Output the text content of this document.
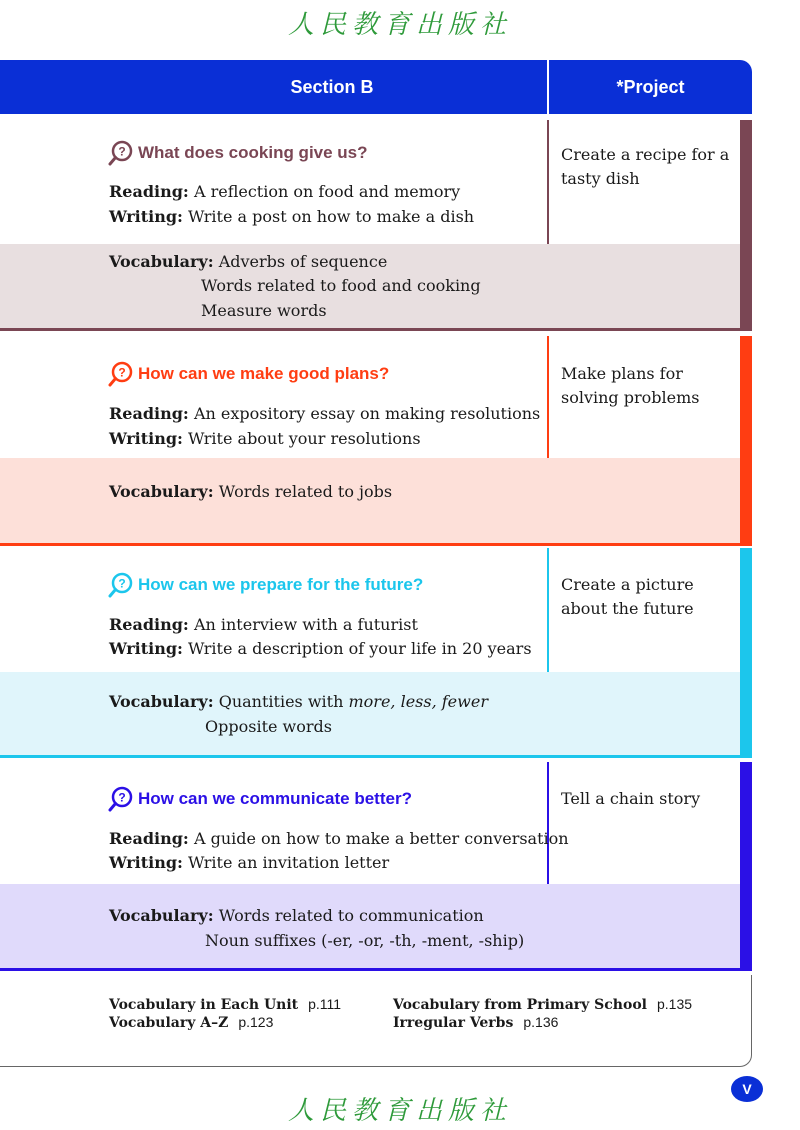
人民教育出版社
Section B	*Project
? What does cooking give us?
Reading: A reflection on food and memory
Writing: Write a post on how to make a dish
Vocabulary: Adverbs of sequence
Words related to food and cooking
Measure words
Create a recipe for a tasty dish
? How can we make good plans?
Reading: An expository essay on making resolutions
Writing: Write about your resolutions
Vocabulary: Words related to jobs
Make plans for solving problems
? How can we prepare for the future?
Reading: An interview with a futurist
Writing: Write a description of your life in 20 years
Vocabulary: Quantities with more, less, fewer
Opposite words
Create a picture about the future
? How can we communicate better?
Reading: A guide on how to make a better conversation
Writing: Write an invitation letter
Vocabulary: Words related to communication
Noun suffixes (-er, -or, -th, -ment, -ship)
Tell a chain story
Vocabulary in Each Unit p.111
Vocabulary A–Z p.123
Vocabulary from Primary School p.135
Irregular Verbs p.136
V
人民教育出版社
